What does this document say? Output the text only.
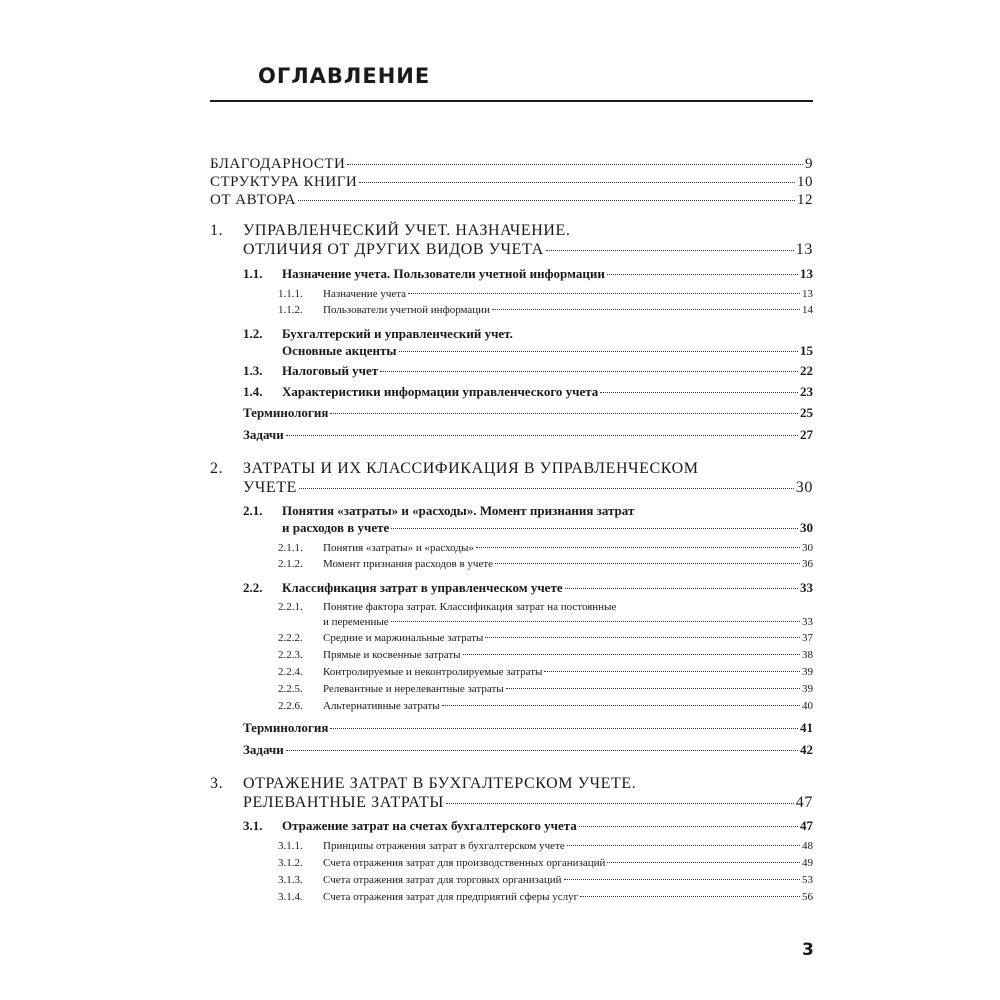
ОГЛАВЛЕНИЕ
БЛАГОДАРНОСТИ	9
СТРУКТУРА КНИГИ	10
ОТ АВТОРА	12
1. УПРАВЛЕНЧЕСКИЙ УЧЕТ. НАЗНАЧЕНИЕ.
ОТЛИЧИЯ ОТ ДРУГИХ ВИДОВ УЧЕТА	13
1.1. Назначение учета. Пользователи учетной информации	13
1.1.1. Назначение учета	13
1.1.2. Пользователи учетной информации	14
1.2. Бухгалтерский и управленческий учет.
Основные акценты	15
1.3. Налоговый учет	22
1.4. Характеристики информации управленческого учета	23
Терминология	25
Задачи	27
2. ЗАТРАТЫ И ИХ КЛАССИФИКАЦИЯ В УПРАВЛЕНЧЕСКОМ
УЧЕТЕ	30
2.1. Понятия «затраты» и «расходы». Момент признания затрат
и расходов в учете	30
2.1.1. Понятия «затраты» и «расходы»	30
2.1.2. Момент признания расходов в учете	36
2.2. Классификация затрат в управленческом учете	33
2.2.1. Понятие фактора затрат. Классификация затрат на постоянные
и переменные	33
2.2.2. Средние и маржинальные затраты	37
2.2.3. Прямые и косвенные затраты	38
2.2.4. Контролируемые и неконтролируемые затраты	39
2.2.5. Релевантные и нерелевантные затраты	39
2.2.6. Альтернативные затраты	40
Терминология	41
Задачи	42
3. ОТРАЖЕНИЕ ЗАТРАТ В БУХГАЛТЕРСКОМ УЧЕТЕ.
РЕЛЕВАНТНЫЕ ЗАТРАТЫ	47
3.1. Отражение затрат на счетах бухгалтерского учета	47
3.1.1. Принципы отражения затрат в бухгалтерском учете	48
3.1.2. Счета отражения затрат для производственных организаций	49
3.1.3. Счета отражения затрат для торговых организаций	53
3.1.4. Счета отражения затрат для предприятий сферы услуг	56
3
